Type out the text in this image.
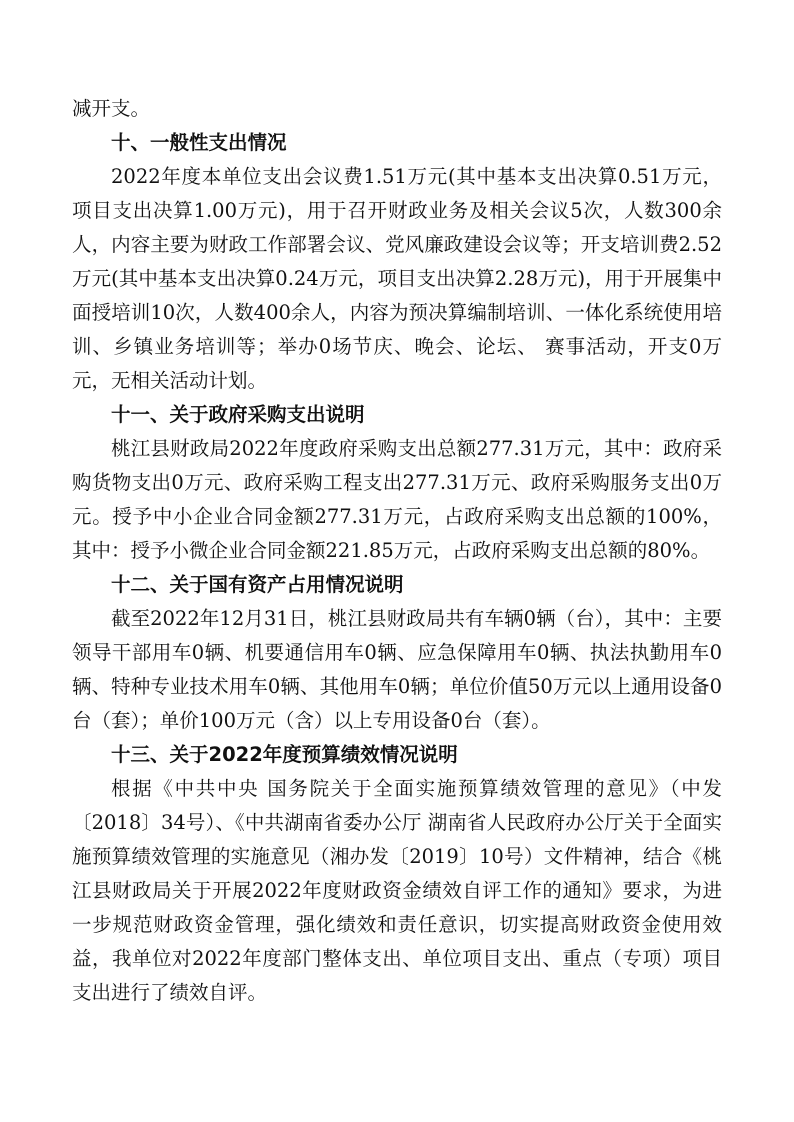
减开支。

十、一般性支出情况

2022年度本单位支出会议费1.51万元(其中基本支出决算0.51万元，项目支出决算1.00万元)，用于召开财政业务及相关会议5次，人数300余人，内容主要为财政工作部署会议、党风廉政建设会议等；开支培训费2.52万元(其中基本支出决算0.24万元，项目支出决算2.28万元)，用于开展集中面授培训10次，人数400余人，内容为预决算编制培训、一体化系统使用培训、乡镇业务培训等；举办0场节庆、晚会、论坛、 赛事活动，开支0万元，无相关活动计划。

十一、关于政府采购支出说明

桃江县财政局2022年度政府采购支出总额277.31万元，其中：政府采购货物支出0万元、政府采购工程支出277.31万元、政府采购服务支出0万元。授予中小企业合同金额277.31万元，占政府采购支出总额的100%，其中：授予小微企业合同金额221.85万元，占政府采购支出总额的80%。

十二、关于国有资产占用情况说明

截至2022年12月31日，桃江县财政局共有车辆0辆（台），其中：主要领导干部用车0辆、机要通信用车0辆、应急保障用车0辆、执法执勤用车0辆、特种专业技术用车0辆、其他用车0辆；单位价值50万元以上通用设备0台（套）；单价100万元（含）以上专用设备0台（套）。

十三、关于2022年度预算绩效情况说明

根据《中共中央 国务院关于全面实施预算绩效管理的意见》（中发〔2018〕34号）、《中共湖南省委办公厅 湖南省人民政府办公厅关于全面实施预算绩效管理的实施意见（湘办发〔2019〕10号）文件精神，结合《桃江县财政局关于开展2022年度财政资金绩效自评工作的通知》要求，为进一步规范财政资金管理，强化绩效和责任意识，切实提高财政资金使用效益，我单位对2022年度部门整体支出、单位项目支出、重点（专项）项目支出进行了绩效自评。
